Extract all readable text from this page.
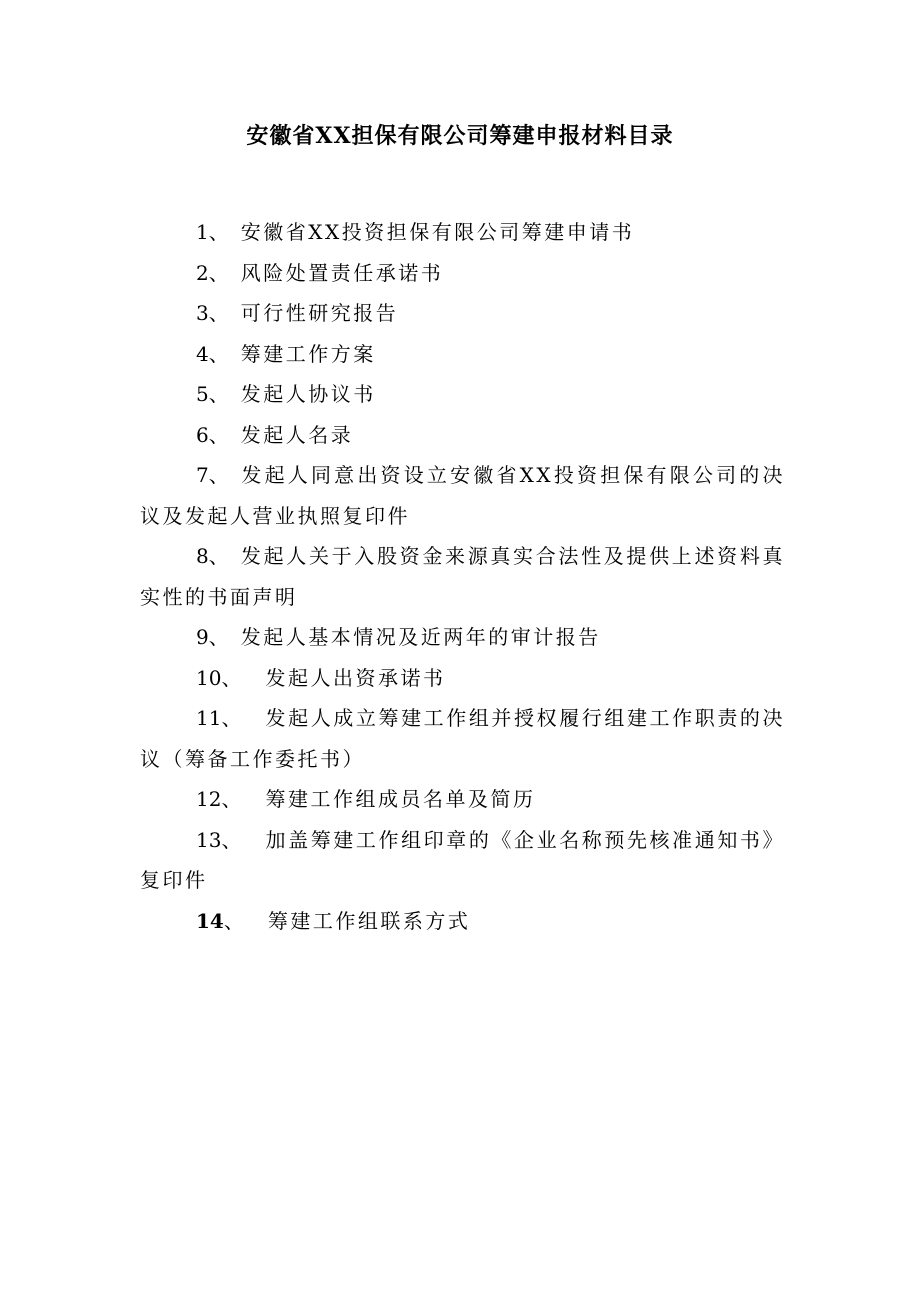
安徽省XX担保有限公司筹建申报材料目录
1、 安徽省XX投资担保有限公司筹建申请书
2、 风险处置责任承诺书
3、 可行性研究报告
4、 筹建工作方案
5、 发起人协议书
6、 发起人名录
7、 发起人同意出资设立安徽省XX投资担保有限公司的决议及发起人营业执照复印件
8、 发起人关于入股资金来源真实合法性及提供上述资料真实性的书面声明
9、 发起人基本情况及近两年的审计报告
10、 发起人出资承诺书
11、 发起人成立筹建工作组并授权履行组建工作职责的决议（筹备工作委托书）
12、 筹建工作组成员名单及简历
13、 加盖筹建工作组印章的《企业名称预先核准通知书》复印件
14、 筹建工作组联系方式
